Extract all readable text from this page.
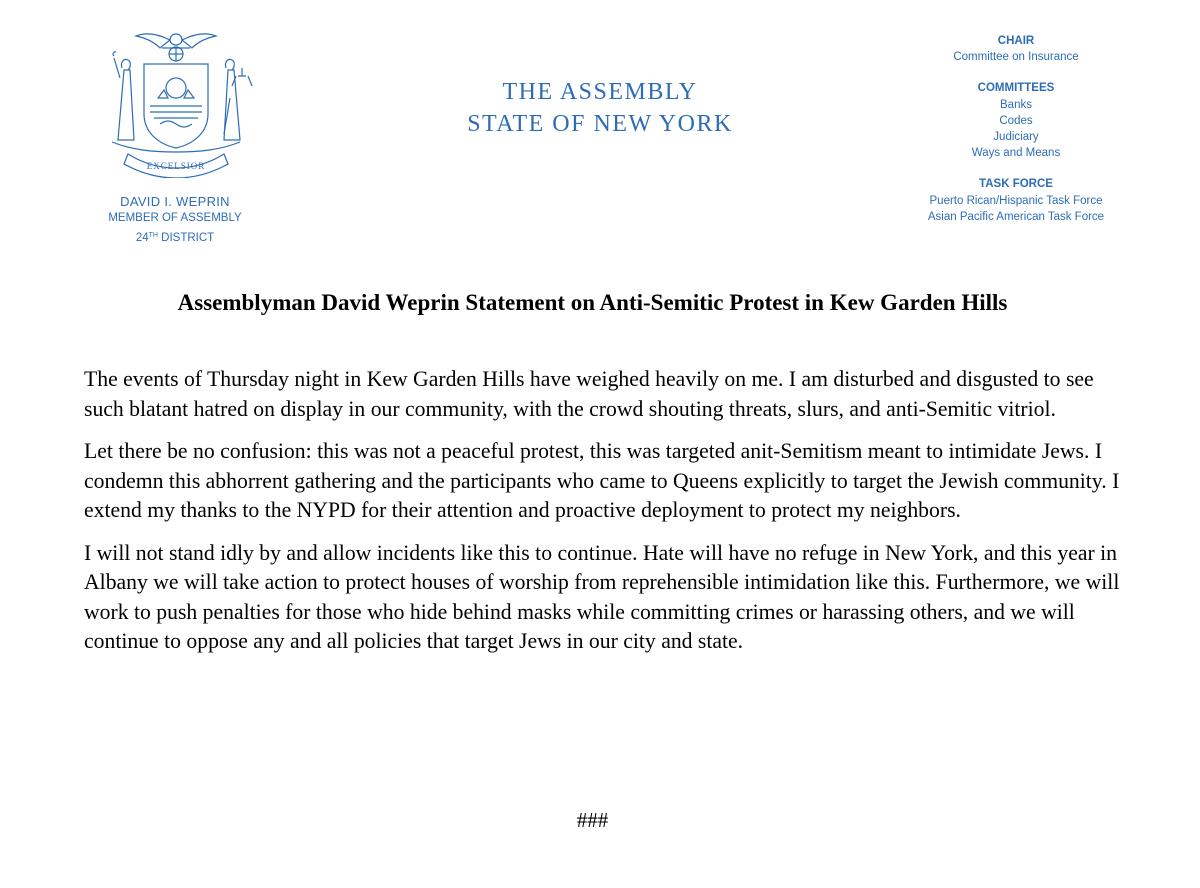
EXCELSIOR
DAVID I. WEPRIN
MEMBER OF ASSEMBLY
24TH DISTRICT
THE ASSEMBLY
STATE OF NEW YORK
CHAIR
Committee on Insurance
COMMITTEES
Banks
Codes
Judiciary
Ways and Means
TASK FORCE
Puerto Rican/Hispanic Task Force
Asian Pacific American Task Force
Assemblyman David Weprin Statement on Anti-Semitic Protest in Kew Garden Hills

The events of Thursday night in Kew Garden Hills have weighed heavily on me. I am disturbed and disgusted to see such blatant hatred on display in our community, with the crowd shouting threats, slurs, and anti-Semitic vitriol.

Let there be no confusion: this was not a peaceful protest, this was targeted anit-Semitism meant to intimidate Jews. I condemn this abhorrent gathering and the participants who came to Queens explicitly to target the Jewish community. I extend my thanks to the NYPD for their attention and proactive deployment to protect my neighbors.

I will not stand idly by and allow incidents like this to continue. Hate will have no refuge in New York, and this year in Albany we will take action to protect houses of worship from reprehensible intimidation like this. Furthermore, we will work to push penalties for those who hide behind masks while committing crimes or harassing others, and we will continue to oppose any and all policies that target Jews in our city and state.

###
